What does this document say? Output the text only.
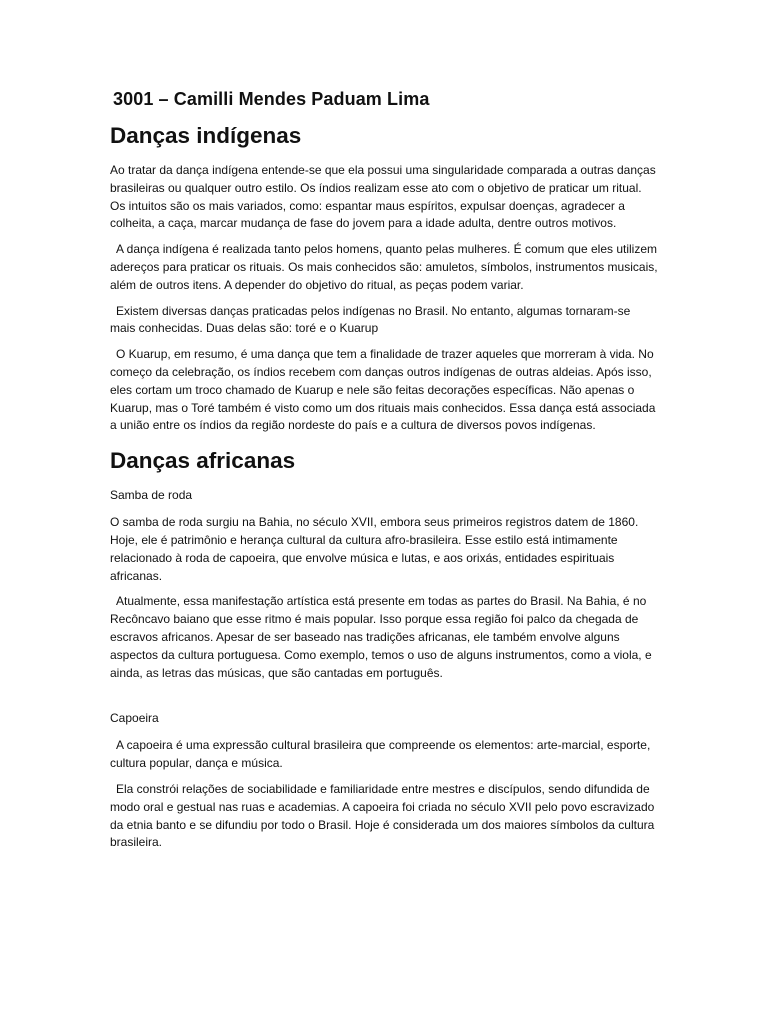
3001 – Camilli Mendes Paduam Lima
Danças indígenas

Ao tratar da dança indígena entende-se que ela possui uma singularidade comparada a outras danças brasileiras ou qualquer outro estilo. Os índios realizam esse ato com o objetivo de praticar um ritual. Os intuitos são os mais variados, como: espantar maus espíritos, expulsar doenças, agradecer a colheita, a caça, marcar mudança de fase do jovem para a idade adulta, dentre outros motivos.

A dança indígena é realizada tanto pelos homens, quanto pelas mulheres. É comum que eles utilizem adereços para praticar os rituais. Os mais conhecidos são: amuletos, símbolos, instrumentos musicais, além de outros itens. A depender do objetivo do ritual, as peças podem variar.

Existem diversas danças praticadas pelos indígenas no Brasil. No entanto, algumas tornaram-se mais conhecidas. Duas delas são: toré e o Kuarup

O Kuarup, em resumo, é uma dança que tem a finalidade de trazer aqueles que morreram à vida. No começo da celebração, os índios recebem com danças outros indígenas de outras aldeias. Após isso, eles cortam um troco chamado de Kuarup e nele são feitas decorações específicas. Não apenas o Kuarup, mas o Toré também é visto como um dos rituais mais conhecidos. Essa dança está associada a união entre os índios da região nordeste do país e a cultura de diversos povos indígenas.

Danças africanas
Samba de roda

O samba de roda surgiu na Bahia, no século XVII, embora seus primeiros registros datem de 1860. Hoje, ele é patrimônio e herança cultural da cultura afro-brasileira. Esse estilo está intimamente relacionado à roda de capoeira, que envolve música e lutas, e aos orixás, entidades espirituais africanas.

Atualmente, essa manifestação artística está presente em todas as partes do Brasil. Na Bahia, é no Recôncavo baiano que esse ritmo é mais popular. Isso porque essa região foi palco da chegada de escravos africanos. Apesar de ser baseado nas tradições africanas, ele também envolve alguns aspectos da cultura portuguesa. Como exemplo, temos o uso de alguns instrumentos, como a viola, e ainda, as letras das músicas, que são cantadas em português.

Capoeira

A capoeira é uma expressão cultural brasileira que compreende os elementos: arte-marcial, esporte, cultura popular, dança e música.

Ela constrói relações de sociabilidade e familiaridade entre mestres e discípulos, sendo difundida de modo oral e gestual nas ruas e academias. A capoeira foi criada no século XVII pelo povo escravizado da etnia banto e se difundiu por todo o Brasil. Hoje é considerada um dos maiores símbolos da cultura brasileira.
